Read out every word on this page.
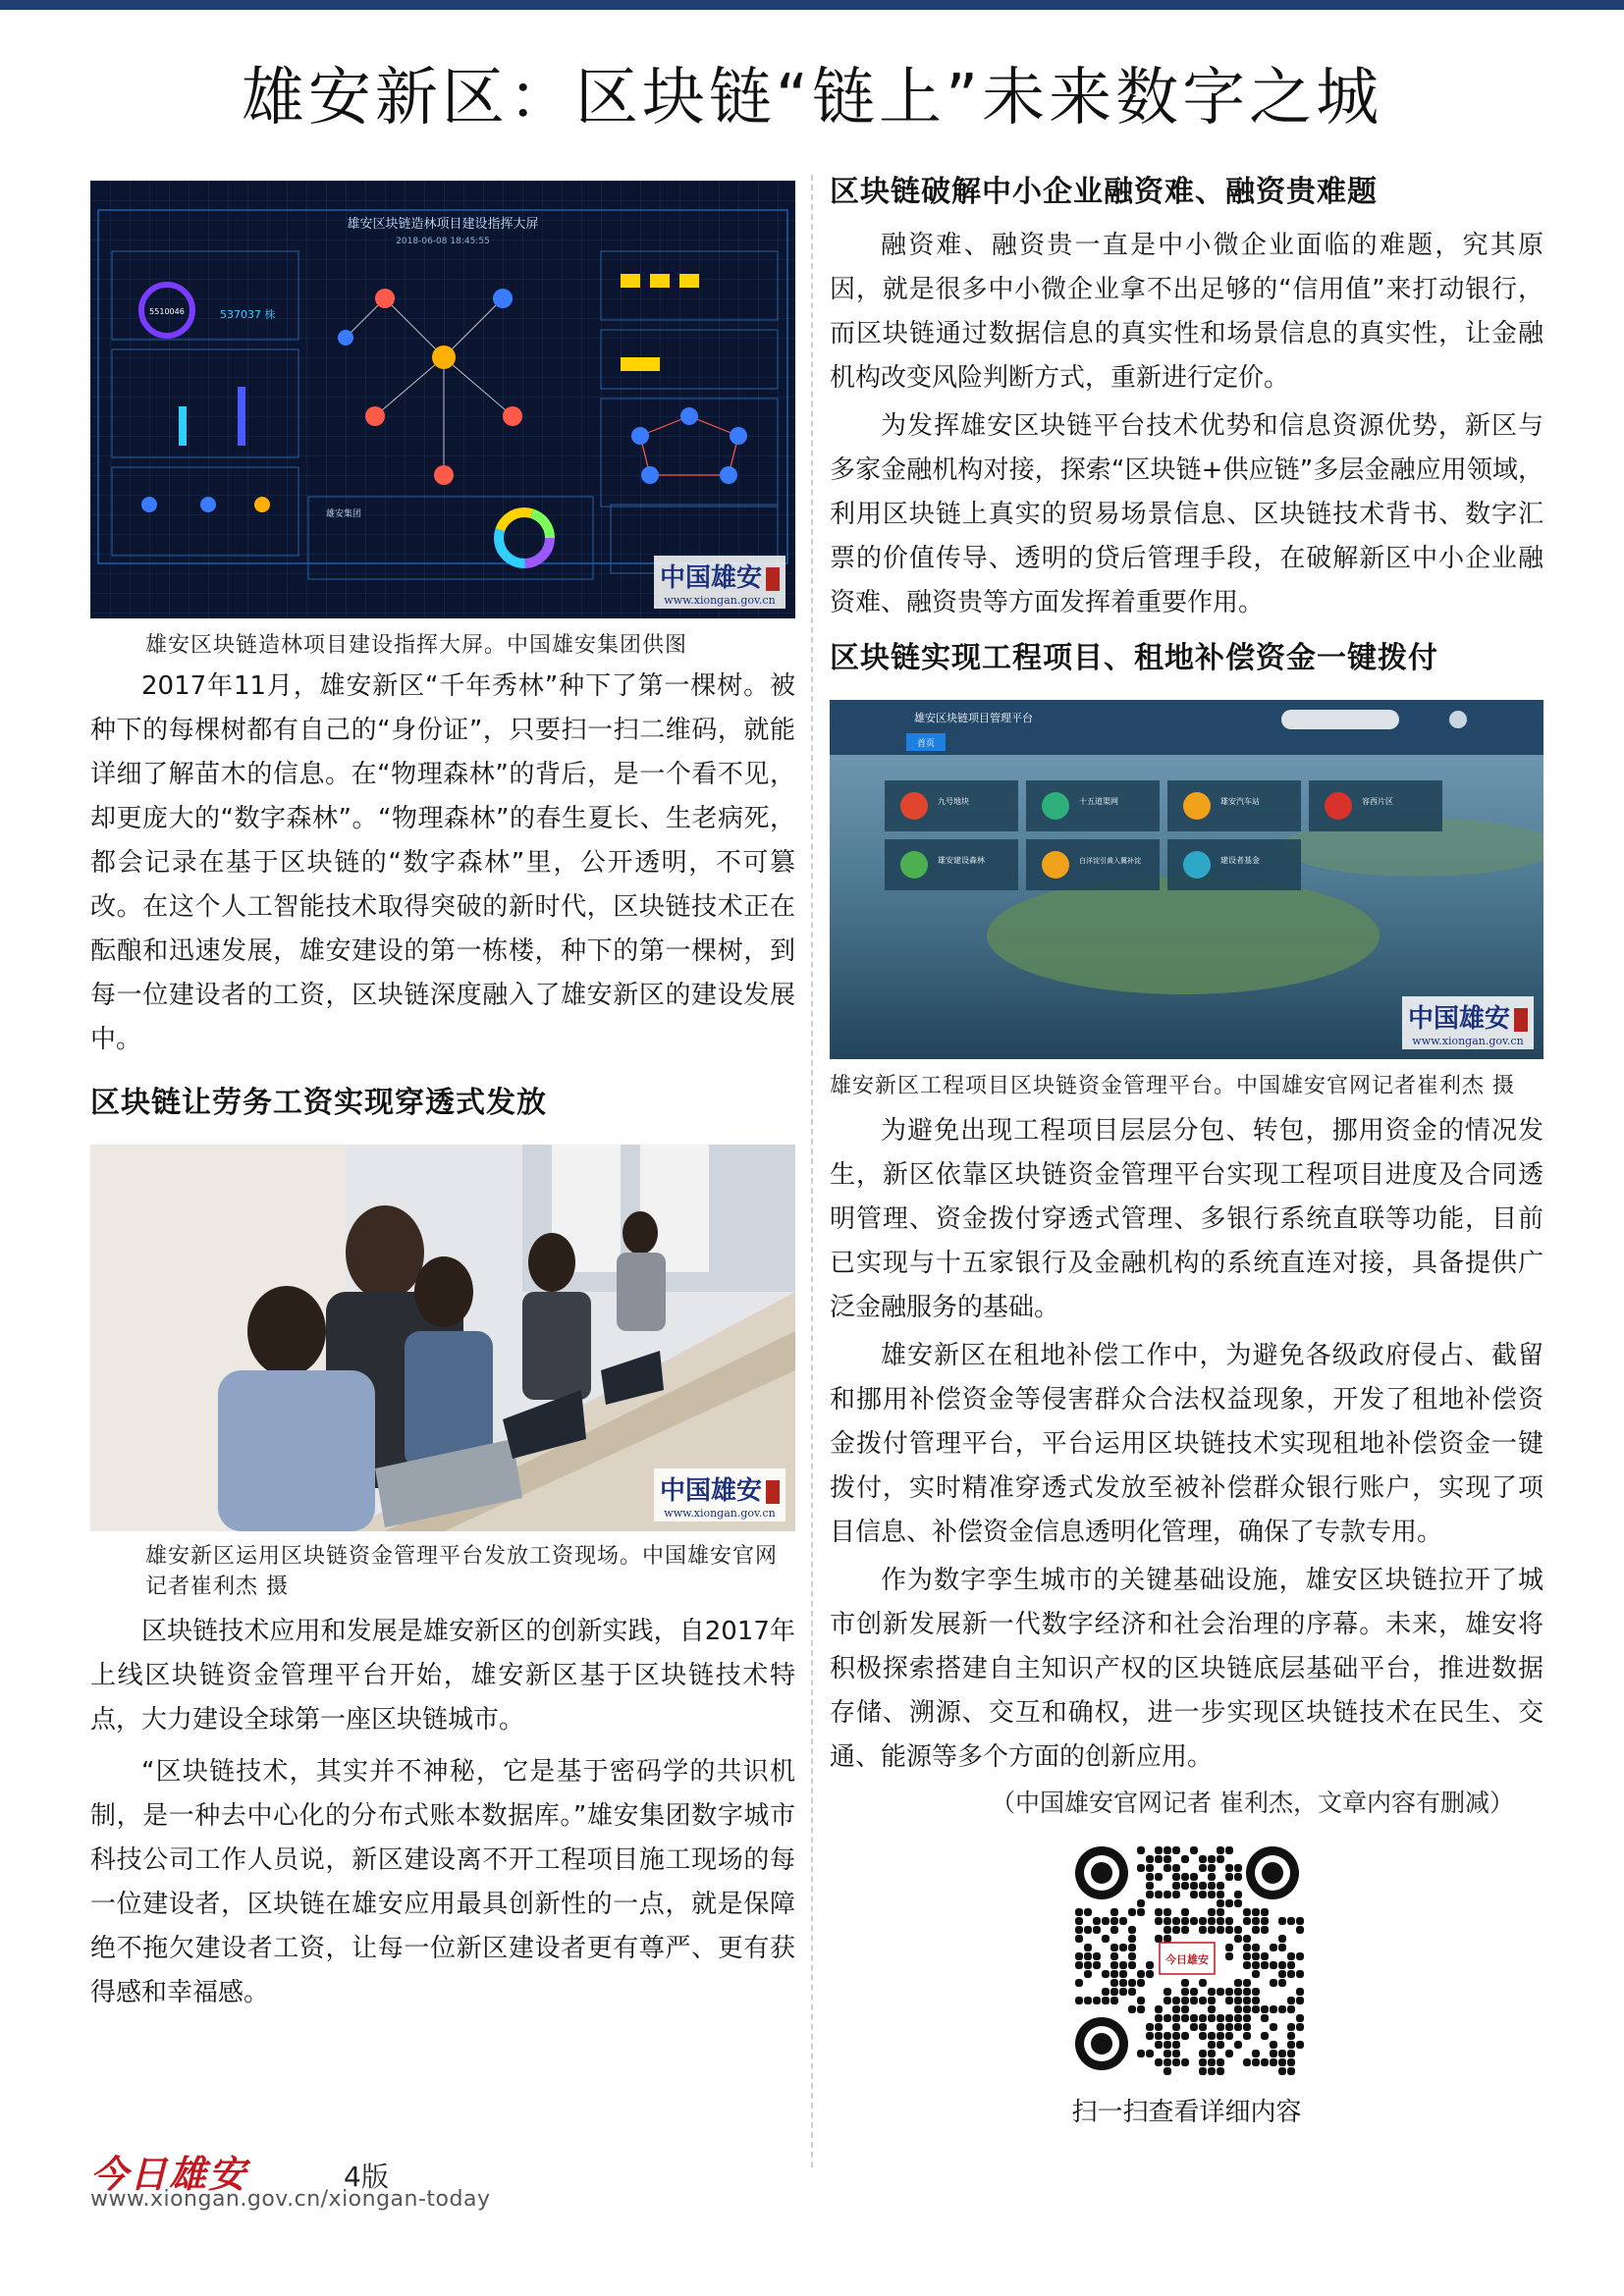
雄安新区：区块链“链上”未来数字之城
雄安区块链造林项目建设指挥大屏
2018-06-08 18:45:55
5510046	537037 株
雄安集团
中国雄安
www.xiongan.gov.cn

雄安区块链造林项目建设指挥大屏。中国雄安集团供图

2017年11月，雄安新区“千年秀林”种下了第一棵树。被种下的每棵树都有自己的“身份证”，只要扫一扫二维码，就能详细了解苗木的信息。在“物理森林”的背后，是一个看不见，却更庞大的“数字森林”。“物理森林”的春生夏长、生老病死，都会记录在基于区块链的“数字森林”里，公开透明，不可篡改。在这个人工智能技术取得突破的新时代，区块链技术正在酝酿和迅速发展，雄安建设的第一栋楼，种下的第一棵树，到每一位建设者的工资，区块链深度融入了雄安新区的建设发展中。

区块链让劳务工资实现穿透式发放
中国雄安
www.xiongan.gov.cn

雄安新区运用区块链资金管理平台发放工资现场。中国雄安官网记者崔利杰 摄

区块链技术应用和发展是雄安新区的创新实践，自2017年上线区块链资金管理平台开始，雄安新区基于区块链技术特点，大力建设全球第一座区块链城市。

“区块链技术，其实并不神秘，它是基于密码学的共识机制，是一种去中心化的分布式账本数据库。”雄安集团数字城市科技公司工作人员说，新区建设离不开工程项目施工现场的每一位建设者，区块链在雄安应用最具创新性的一点，就是保障绝不拖欠建设者工资，让每一位新区建设者更有尊严、更有获得感和幸福感。

区块链破解中小企业融资难、融资贵难题

融资难、融资贵一直是中小微企业面临的难题，究其原因，就是很多中小微企业拿不出足够的“信用值”来打动银行，而区块链通过数据信息的真实性和场景信息的真实性，让金融机构改变风险判断方式，重新进行定价。

为发挥雄安区块链平台技术优势和信息资源优势，新区与多家金融机构对接，探索“区块链+供应链”多层金融应用领域，利用区块链上真实的贸易场景信息、区块链技术背书、数字汇票的价值传导、透明的贷后管理手段，在破解新区中小企业融资难、融资贵等方面发挥着重要作用。

区块链实现工程项目、租地补偿资金一键拨付
雄安区块链项目管理平台
首页
九号地块	十五道渠网	雄安汽车站	容西片区
雄安建设森林	白洋淀引黄入冀补淀	建设者基金
中国雄安
www.xiongan.gov.cn

雄安新区工程项目区块链资金管理平台。中国雄安官网记者崔利杰 摄

为避免出现工程项目层层分包、转包，挪用资金的情况发生，新区依靠区块链资金管理平台实现工程项目进度及合同透明管理、资金拨付穿透式管理、多银行系统直联等功能，目前已实现与十五家银行及金融机构的系统直连对接，具备提供广泛金融服务的基础。

雄安新区在租地补偿工作中，为避免各级政府侵占、截留和挪用补偿资金等侵害群众合法权益现象，开发了租地补偿资金拨付管理平台，平台运用区块链技术实现租地补偿资金一键拨付，实时精准穿透式发放至被补偿群众银行账户，实现了项目信息、补偿资金信息透明化管理，确保了专款专用。

作为数字孪生城市的关键基础设施，雄安区块链拉开了城市创新发展新一代数字经济和社会治理的序幕。未来，雄安将积极探索搭建自主知识产权的区块链底层基础平台，推进数据存储、溯源、交互和确权，进一步实现区块链技术在民生、交通、能源等多个方面的创新应用。

（中国雄安官网记者 崔利杰，文章内容有删减）

今日雄安

扫一扫查看详细内容

今日雄安	4版
www.xiongan.gov.cn/xiongan-today
